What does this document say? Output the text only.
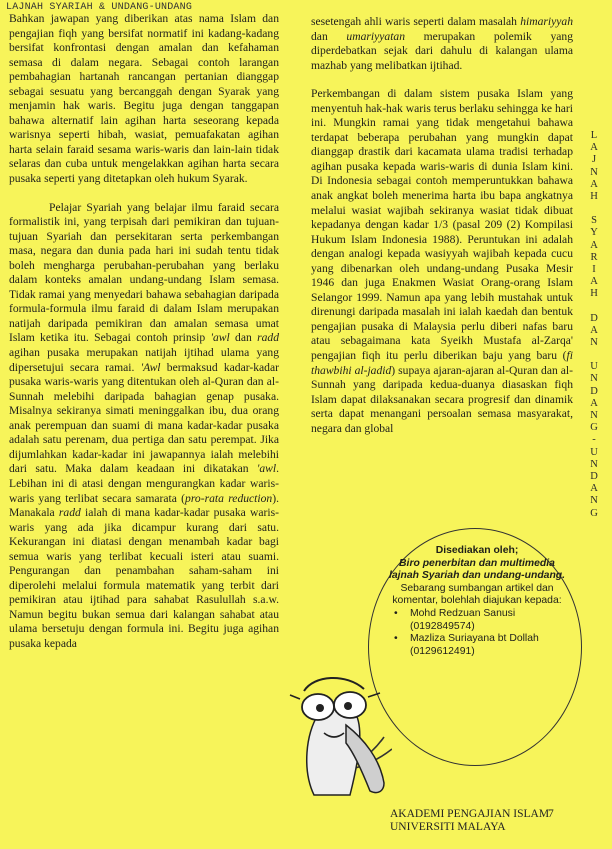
LAJNAH SYARIAH & UNDANG-UNDANG

Bahkan jawapan yang diberikan atas nama Islam dan pengajian fiqh yang bersifat normatif ini kadang-kadang bersifat konfrontasi dengan amalan dan kefahaman semasa di dalam negara. Sebagai contoh larangan pembahagian hartanah rancangan pertanian dianggap sebagai sesuatu yang bercanggah dengan Syarak yang menjamin hak waris. Begitu juga dengan tanggapan bahawa alternatif lain agihan harta seseorang kepada warisnya seperti hibah, wasiat, pemuafakatan agihan harta selain faraid sesama waris-waris dan lain-lain tidak selaras dan cuba untuk mengelakkan agihan harta secara pusaka seperti yang ditetapkan oleh hukum Syarak.

Pelajar Syariah yang belajar ilmu faraid secara formalistik ini, yang terpisah dari pemikiran dan tujuan-tujuan Syariah dan persekitaran serta perkembangan masa, negara dan dunia pada hari ini sudah tentu tidak boleh mengharga perubahan-perubahan yang berlaku dalam konteks amalan undang-undang Islam semasa. Tidak ramai yang menyedari bahawa sebahagian daripada formula-formula ilmu faraid di dalam Islam merupakan natijah daripada pemikiran dan amalan semasa umat Islam ketika itu. Sebagai contoh prinsip 'awl dan radd agihan pusaka merupakan natijah ijtihad ulama yang dipersetujui secara ramai. 'Awl bermaksud kadar-kadar pusaka waris-waris yang ditentukan oleh al-Quran dan al-Sunnah melebihi daripada bahagian genap pusaka. Misalnya sekiranya simati meninggalkan ibu, dua orang anak perempuan dan suami di mana kadar-kadar pusaka adalah satu perenam, dua pertiga dan satu perempat. Jika dijumlahkan kadar-kadar ini jawapannya ialah melebihi dari satu. Maka dalam keadaan ini dikatakan 'awl. Lebihan ini di atasi dengan mengurangkan kadar waris-waris yang terlibat secara samarata (pro-rata reduction). Manakala radd ialah di mana kadar-kadar pusaka waris-waris yang ada jika dicampur kurang dari satu. Kekurangan ini diatasi dengan menambah kadar bagi semua waris yang terlibat kecuali isteri atau suami. Pengurangan dan penambahan saham-saham ini diperolehi melalui formula matematik yang terbit dari pemikiran atau ijtihad para sahabat Rasulullah s.a.w. Namun begitu bukan semua dari kalangan sahabat atau ulama bersetuju dengan formula ini. Begitu juga agihan pusaka kepada

sesetengah ahli waris seperti dalam masalah himariyyah dan umariyyatan merupakan polemik yang diperdebatkan sejak dari dahulu di kalangan ulama mazhab yang melibatkan ijtihad.

Perkembangan di dalam sistem pusaka Islam yang menyentuh hak-hak waris terus berlaku sehingga ke hari ini. Mungkin ramai yang tidak mengetahui bahawa terdapat beberapa perubahan yang mungkin dapat dianggap drastik dari kacamata ulama tradisi terhadap agihan pusaka kepada waris-waris di dunia Islam kini. Di Indonesia sebagai contoh memperuntukkan bahawa anak angkat boleh menerima harta ibu bapa angkatnya melalui wasiat wajibah sekiranya wasiat tidak dibuat kepadanya dengan kadar 1/3 (pasal 209 (2) Kompilasi Hukum Islam Indonesia 1988). Peruntukan ini adalah dengan analogi kepada wasiyyah wajibah kepada cucu yang dibenarkan oleh undang-undang Pusaka Mesir 1946 dan juga Enakmen Wasiat Orang-orang Islam Selangor 1999. Namun apa yang lebih mustahak untuk direnungi daripada masalah ini ialah kaedah dan bentuk pengajian pusaka di Malaysia perlu diberi nafas baru atau sebagaimana kata Syeikh Mustafa al-Zarqa' pengajian fiqh itu perlu diberikan baju yang baru (fi thawbihi al-jadid) supaya ajaran-ajaran al-Quran dan al-Sunnah yang daripada kedua-duanya diasaskan fiqh Islam dapat dilaksanakan secara progresif dan dinamik serta dapat menangani persoalan semasa masyarakat, negara dan global

L
A
J
N
A
H
S
Y
A
R
I
A
H
D
A
N
U
N
D
A
N
G
-
U
N
D
A
N
G
Disediakan oleh;
Biro penerbitan dan multimedia lajnah Syariah dan undang-undang.
Sebarang sumbangan artikel dan komentar, bolehlah diajukan kepada:
• Mohd Redzuan Sanusi (0192849574)
• Mazliza Suriayana bt Dollah (0129612491)
AKADEMI PENGAJIAN ISLAM
UNIVERSITI MALAYA
7
